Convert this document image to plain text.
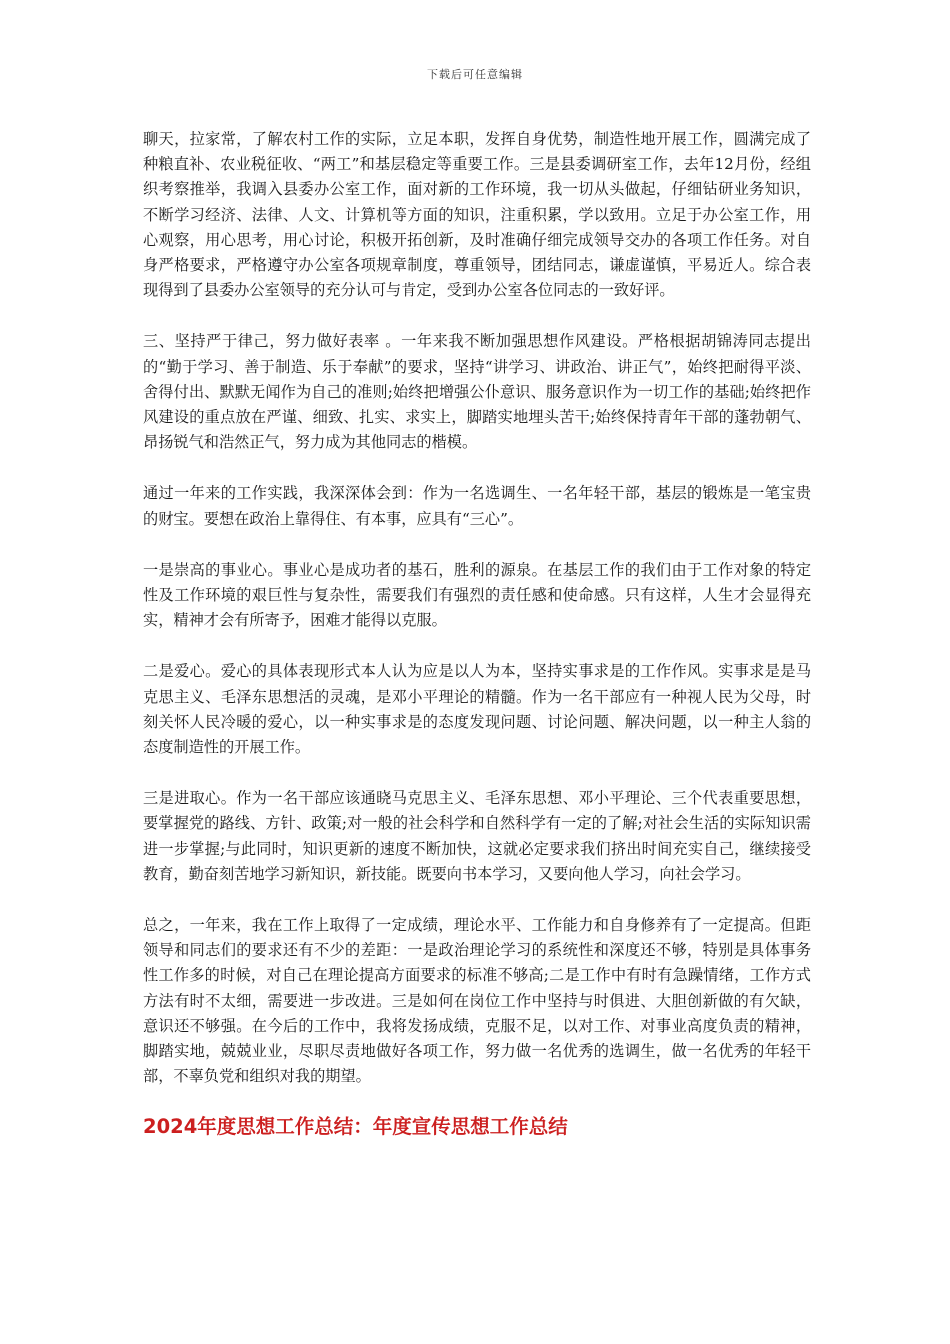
下载后可任意编辑

聊天，拉家常，了解农村工作的实际，立足本职，发挥自身优势，制造性地开展工作，圆满完成了种粮直补、农业税征收、“两工”和基层稳定等重要工作。三是县委调研室工作，去年12月份，经组织考察推举，我调入县委办公室工作，面对新的工作环境，我一切从头做起，仔细钻研业务知识，不断学习经济、法律、人文、计算机等方面的知识，注重积累，学以致用。立足于办公室工作，用心观察，用心思考，用心讨论，积极开拓创新，及时准确仔细完成领导交办的各项工作任务。对自身严格要求，严格遵守办公室各项规章制度，尊重领导，团结同志，谦虚谨慎，平易近人。综合表现得到了县委办公室领导的充分认可与肯定，受到办公室各位同志的一致好评。

三、坚持严于律己，努力做好表率 。一年来我不断加强思想作风建设。严格根据胡锦涛同志提出的“勤于学习、善于制造、乐于奉献”的要求，坚持“讲学习、讲政治、讲正气”，始终把耐得平淡、舍得付出、默默无闻作为自己的准则;始终把增强公仆意识、服务意识作为一切工作的基础;始终把作风建设的重点放在严谨、细致、扎实、求实上，脚踏实地埋头苦干;始终保持青年干部的蓬勃朝气、昂扬锐气和浩然正气，努力成为其他同志的楷模。

通过一年来的工作实践，我深深体会到：作为一名选调生、一名年轻干部，基层的锻炼是一笔宝贵的财宝。要想在政治上靠得住、有本事，应具有“三心”。

一是崇高的事业心。事业心是成功者的基石，胜利的源泉。在基层工作的我们由于工作对象的特定性及工作环境的艰巨性与复杂性，需要我们有强烈的责任感和使命感。只有这样，人生才会显得充实，精神才会有所寄予，困难才能得以克服。

二是爱心。爱心的具体表现形式本人认为应是以人为本，坚持实事求是的工作作风。实事求是是马克思主义、毛泽东思想活的灵魂，是邓小平理论的精髓。作为一名干部应有一种视人民为父母，时刻关怀人民冷暖的爱心，以一种实事求是的态度发现问题、讨论问题、解决问题，以一种主人翁的态度制造性的开展工作。

三是进取心。作为一名干部应该通晓马克思主义、毛泽东思想、邓小平理论、三个代表重要思想，要掌握党的路线、方针、政策;对一般的社会科学和自然科学有一定的了解;对社会生活的实际知识需进一步掌握;与此同时，知识更新的速度不断加快，这就必定要求我们挤出时间充实自己，继续接受教育，勤奋刻苦地学习新知识，新技能。既要向书本学习，又要向他人学习，向社会学习。

总之，一年来，我在工作上取得了一定成绩，理论水平、工作能力和自身修养有了一定提高。但距领导和同志们的要求还有不少的差距：一是政治理论学习的系统性和深度还不够，特别是具体事务性工作多的时候，对自己在理论提高方面要求的标准不够高;二是工作中有时有急躁情绪，工作方式方法有时不太细，需要进一步改进。三是如何在岗位工作中坚持与时俱进、大胆创新做的有欠缺，意识还不够强。在今后的工作中，我将发扬成绩，克服不足，以对工作、对事业高度负责的精神，脚踏实地，兢兢业业，尽职尽责地做好各项工作，努力做一名优秀的选调生，做一名优秀的年轻干部，不辜负党和组织对我的期望。

2024年度思想工作总结：年度宣传思想工作总结
